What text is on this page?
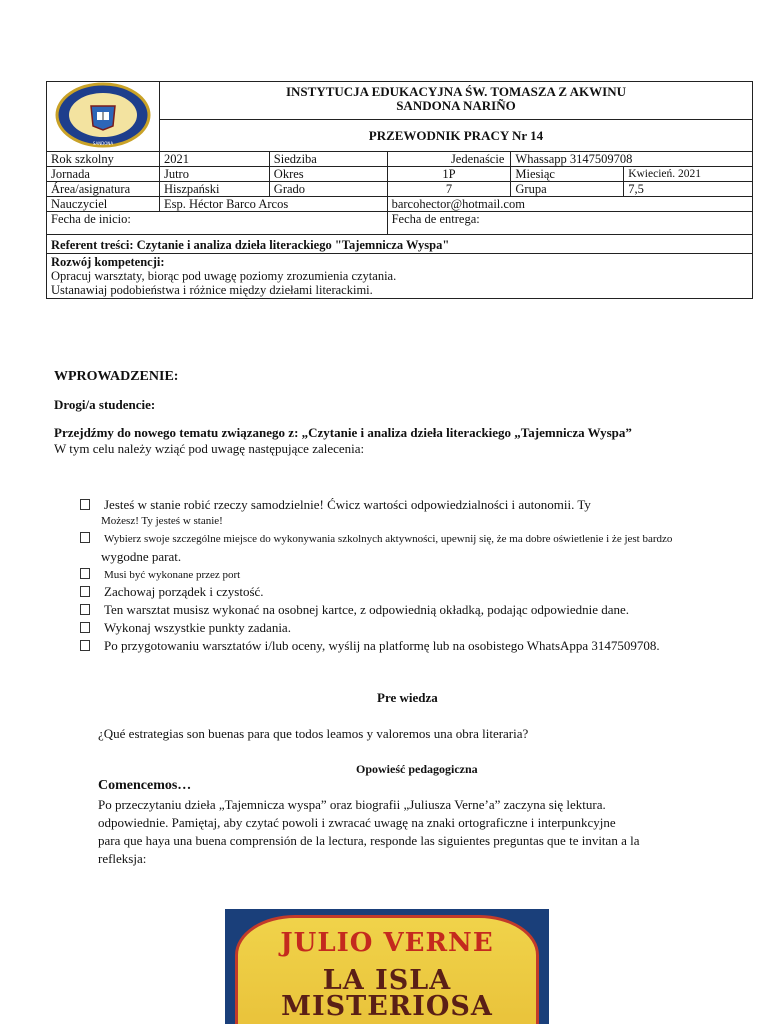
SANDONA	INSTYTUCJA EDUKACYJNA ŚW. TOMASZA Z AKWINU
SANDONA NARIÑO				

	PRZEWODNIK PRACY Nr 14				
Rok szkolny	2021	Siedziba	Jedenaście	Whassapp 3147509708	
Jornada	Jutro	Okres	1P	Miesiąc	Kwiecień. 2021
Área/asignatura	Hiszpański	Grado	7	Grupa	7,5
Nauczyciel	Esp. Héctor Barco Arcos		barcohector@hotmail.com		
Fecha de inicio:			Fecha de entrega:		
Referent treści: Czytanie i analiza dzieła literackiego "Tajemnicza Wyspa"					

Rozwój kompetencji:
Opracuj warsztaty, biorąc pod uwagę poziomy zrozumienia czytania.
Ustanawiaj podobieństwa i różnice między dziełami literackimi.					
WPROWADZENIE:
Drogi/a studencie:
Przejdźmy do nowego tematu związanego z: „Czytanie i analiza dzieła literackiego „Tajemnicza Wyspa”
W tym celu należy wziąć pod uwagę następujące zalecenia:
Jesteś w stanie robić rzeczy samodzielnie! Ćwicz wartości odpowiedzialności i autonomii. Ty
Możesz! Ty jesteś w stanie!
Wybierz swoje szczególne miejsce do wykonywania szkolnych aktywności, upewnij się, że ma dobre oświetlenie i że jest bardzo
wygodne parat.
Musi być wykonane przez port
Zachowaj porządek i czystość.
Ten warsztat musisz wykonać na osobnej kartce, z odpowiednią okładką, podając odpowiednie dane.
Wykonaj wszystkie punkty zadania.
Po przygotowaniu warsztatów i/lub oceny, wyślij na platformę lub na osobistego WhatsAppa 3147509708.
Pre wiedza
¿Qué estrategias son buenas para que todos leamos y valoremos una obra literaria?
Opowieść pedagogiczna
Comencemos…
Po przeczytaniu dzieła „Tajemnicza wyspa” oraz biografii „Juliusza Verne’a” zaczyna się lektura.
odpowiednie. Pamiętaj, aby czytać powoli i zwracać uwagę na znaki ortograficzne i interpunkcyjne
para que haya una buena comprensión de la lectura, responde las siguientes preguntas que te invitan a la
refleksja:
JULIO VERNE
LA ISLA
MISTERIOSA
